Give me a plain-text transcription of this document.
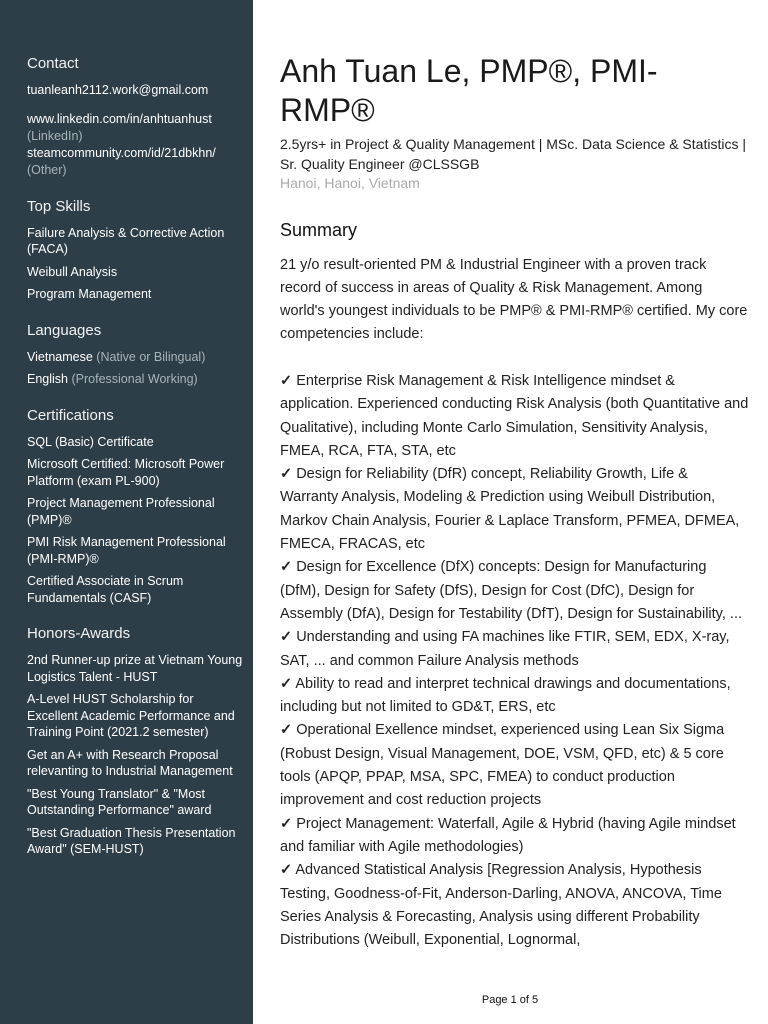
Contact
tuanleanh2112.work@gmail.com
www.linkedin.com/in/anhtuanhust
(LinkedIn)
steamcommunity.com/id/21dbkhn/
(Other)
Top Skills
Failure Analysis & Corrective Action (FACA)
Weibull Analysis
Program Management
Languages
Vietnamese (Native or Bilingual)
English (Professional Working)
Certifications
SQL (Basic) Certificate
Microsoft Certified: Microsoft Power Platform (exam PL-900)
Project Management Professional (PMP)®
PMI Risk Management Professional (PMI-RMP)®
Certified Associate in Scrum Fundamentals (CASF)
Honors-Awards
2nd Runner-up prize at Vietnam Young Logistics Talent - HUST
A-Level HUST Scholarship for Excellent Academic Performance and Training Point (2021.2 semester)
Get an A+ with Research Proposal relevanting to Industrial Management
"Best Young Translator" & "Most Outstanding Performance" award
"Best Graduation Thesis Presentation Award" (SEM-HUST)
Anh Tuan Le, PMP®, PMI-RMP®
2.5yrs+ in Project & Quality Management | MSc. Data Science & Statistics | Sr. Quality Engineer @CLSSGB
Hanoi, Hanoi, Vietnam
Summary
21 y/o result-oriented PM & Industrial Engineer with a proven track record of success in areas of Quality & Risk Management. Among world's youngest individuals to be PMP® & PMI-RMP® certified. My core competencies include:
✓ Enterprise Risk Management & Risk Intelligence mindset & application. Experienced conducting Risk Analysis (both Quantitative and Qualitative), including Monte Carlo Simulation, Sensitivity Analysis, FMEA, RCA, FTA, STA, etc
✓ Design for Reliability (DfR) concept, Reliability Growth, Life & Warranty Analysis, Modeling & Prediction using Weibull Distribution, Markov Chain Analysis, Fourier & Laplace Transform, PFMEA, DFMEA, FMECA, FRACAS, etc
✓ Design for Excellence (DfX) concepts: Design for Manufacturing (DfM), Design for Safety (DfS), Design for Cost (DfC), Design for Assembly (DfA), Design for Testability (DfT), Design for Sustainability, ...
✓ Understanding and using FA machines like FTIR, SEM, EDX, X-ray, SAT, ... and common Failure Analysis methods
✓ Ability to read and interpret technical drawings and documentations, including but not limited to GD&T, ERS, etc
✓ Operational Exellence mindset, experienced using Lean Six Sigma (Robust Design, Visual Management, DOE, VSM, QFD, etc) & 5 core tools (APQP, PPAP, MSA, SPC, FMEA) to conduct production improvement and cost reduction projects
✓ Project Management: Waterfall, Agile & Hybrid (having Agile mindset and familiar with Agile methodologies)
✓ Advanced Statistical Analysis [Regression Analysis, Hypothesis Testing, Goodness-of-Fit, Anderson-Darling, ANOVA, ANCOVA, Time Series Analysis & Forecasting, Analysis using different Probability Distributions (Weibull, Exponential, Lognormal,
Page 1 of 5
